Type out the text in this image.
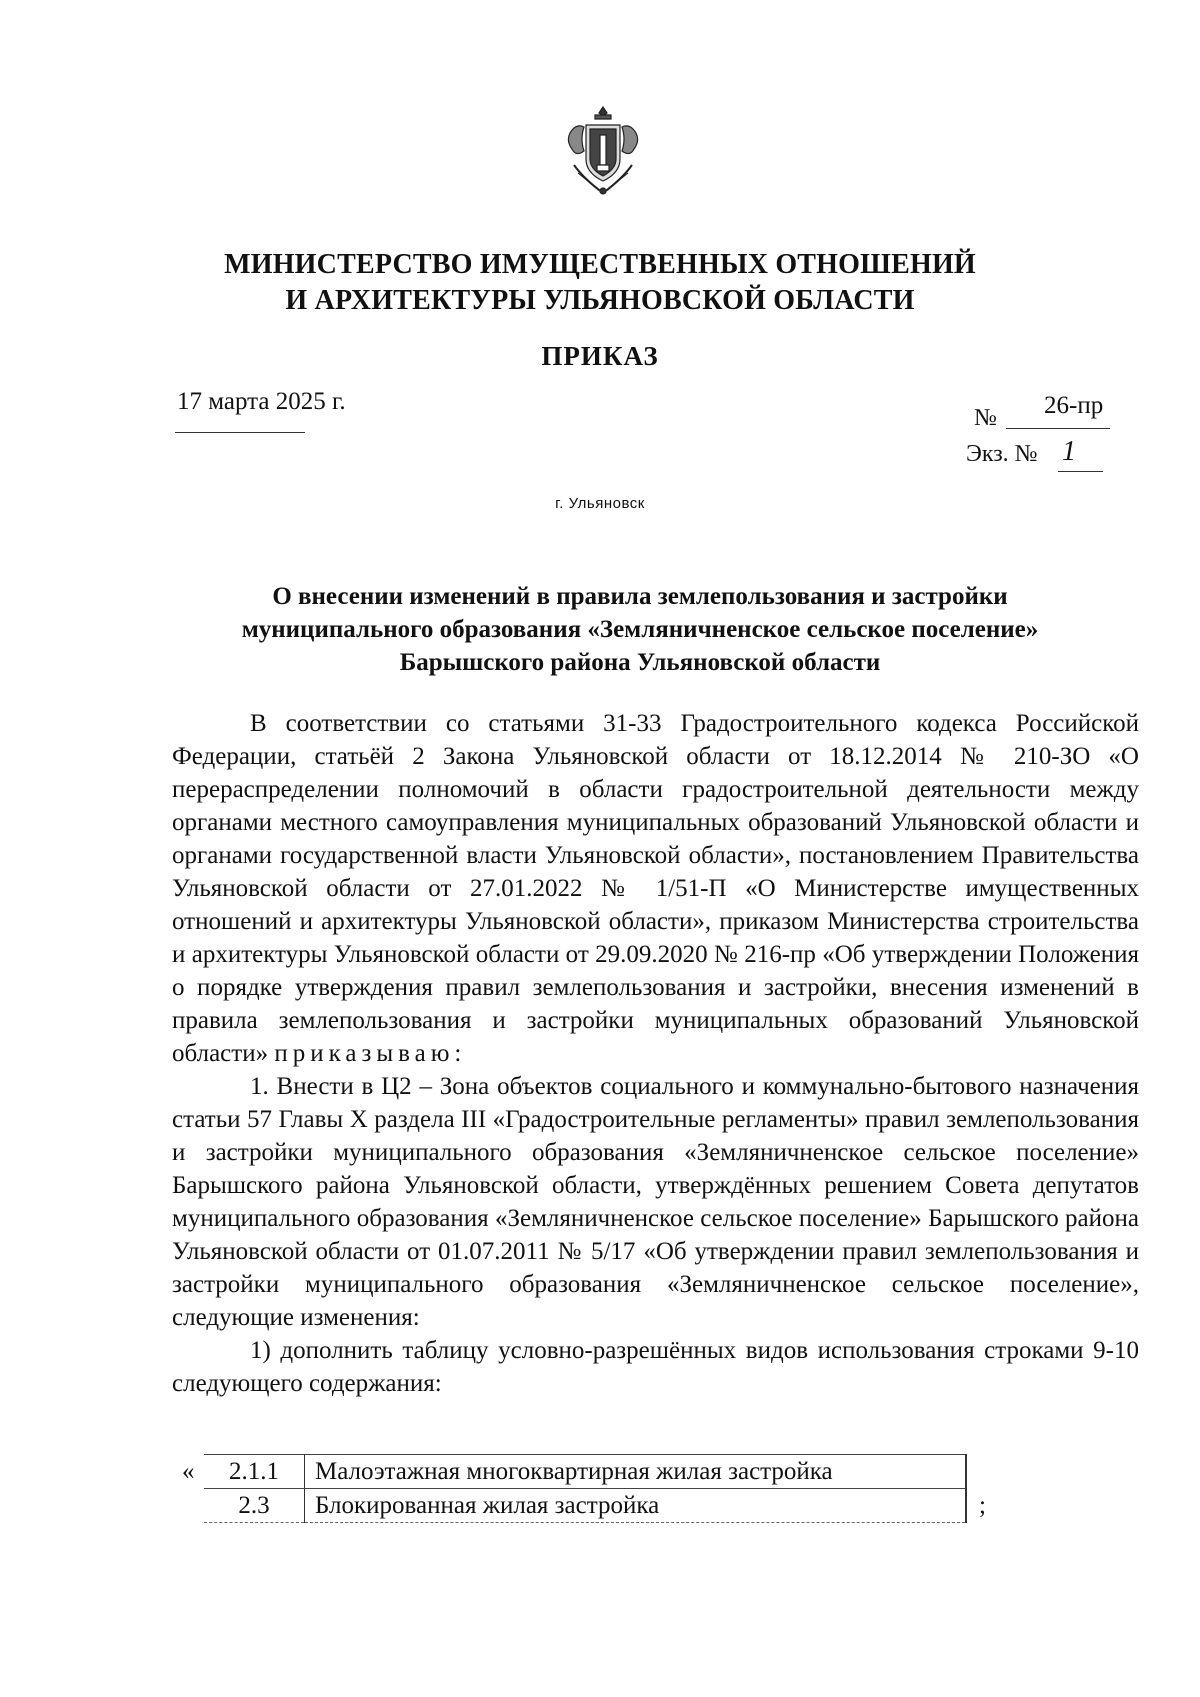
МИНИСТЕРСТВО ИМУЩЕСТВЕННЫХ ОТНОШЕНИЙ
И АРХИТЕКТУРЫ УЛЬЯНОВСКОЙ ОБЛАСТИ
ПРИКАЗ
17 марта 2025 г.
№ 26-пр
Экз. № 1
г. Ульяновск
О внесении изменений в правила землепользования и застройки
муниципального образования «Земляничненское сельское поселение»
Барышского района Ульяновской области

В соответствии со статьями 31-33 Градостроительного кодекса Российской Федерации, статьёй 2 Закона Ульяновской области от 18.12.2014 № 210-ЗО «О перераспределении полномочий в области градостроительной деятельности между органами местного самоуправления муниципальных образований Ульяновской области и органами государственной власти Ульяновской области», постановлением Правительства Ульяновской области от 27.01.2022 № 1/51-П «О Министерстве имущественных отношений и архитектуры Ульяновской области», приказом Министерства строительства и архитектуры Ульяновской области от 29.09.2020 № 216-пр «Об утверждении Положения о порядке утверждения правил землепользования и застройки, внесения изменений в правила землепользования и застройки муниципальных образований Ульяновской области» приказываю:

1. Внести в Ц2 – Зона объектов социального и коммунально-бытового назначения статьи 57 Главы X раздела III «Градостроительные регламенты» правил землепользования и застройки муниципального образования «Земляничненское сельское поселение» Барышского района Ульяновской области, утверждённых решением Совета депутатов муниципального образования «Земляничненское сельское поселение» Барышского района Ульяновской области от 01.07.2011 № 5/17 «Об утверждении правил землепользования и застройки муниципального образования «Земляничненское сельское поселение», следующие изменения:

1) дополнить таблицу условно-разрешённых видов использования строками 9-10 следующего содержания:

«	2.1.1	Малоэтажная многоквартирная жилая застройка	
	2.3	Блокированная жилая застройка	;
